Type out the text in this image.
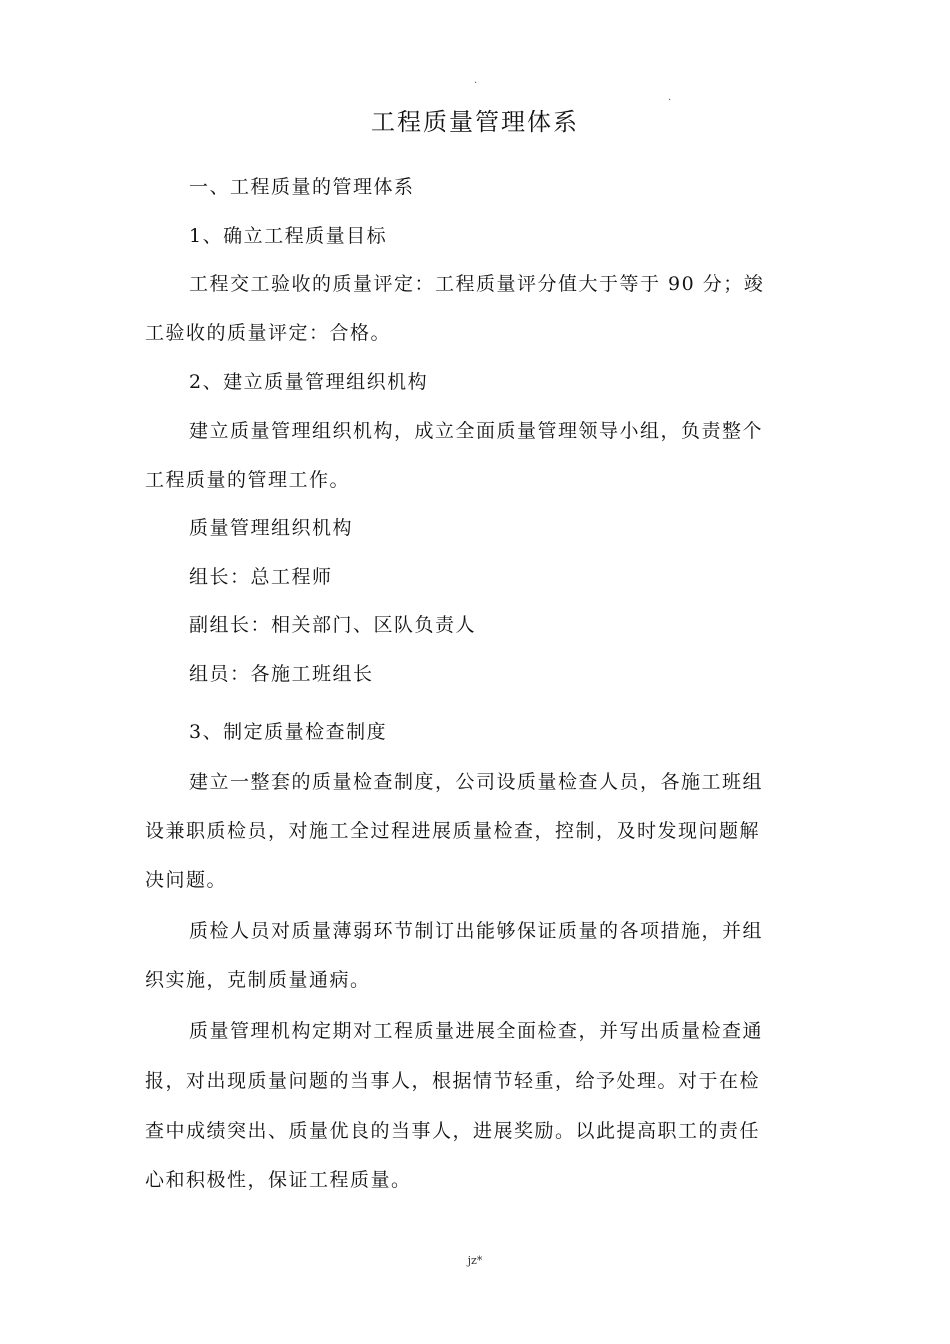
.
.
工程质量管理体系
一、工程质量的管理体系
1、确立工程质量目标
工程交工验收的质量评定：工程质量评分值大于等于 90 分；竣
工验收的质量评定：合格。
2、建立质量管理组织机构
建立质量管理组织机构，成立全面质量管理领导小组，负责整个
工程质量的管理工作。
质量管理组织机构
组长：总工程师
副组长：相关部门、区队负责人
组员：各施工班组长
3、制定质量检查制度
建立一整套的质量检查制度，公司设质量检查人员，各施工班组
设兼职质检员，对施工全过程进展质量检查，控制，及时发现问题解
决问题。
质检人员对质量薄弱环节制订出能够保证质量的各项措施，并组
织实施，克制质量通病。
质量管理机构定期对工程质量进展全面检查，并写出质量检查通
报，对出现质量问题的当事人，根据情节轻重，给予处理。对于在检
查中成绩突出、质量优良的当事人，进展奖励。以此提高职工的责任
心和积极性，保证工程质量。
jz*
